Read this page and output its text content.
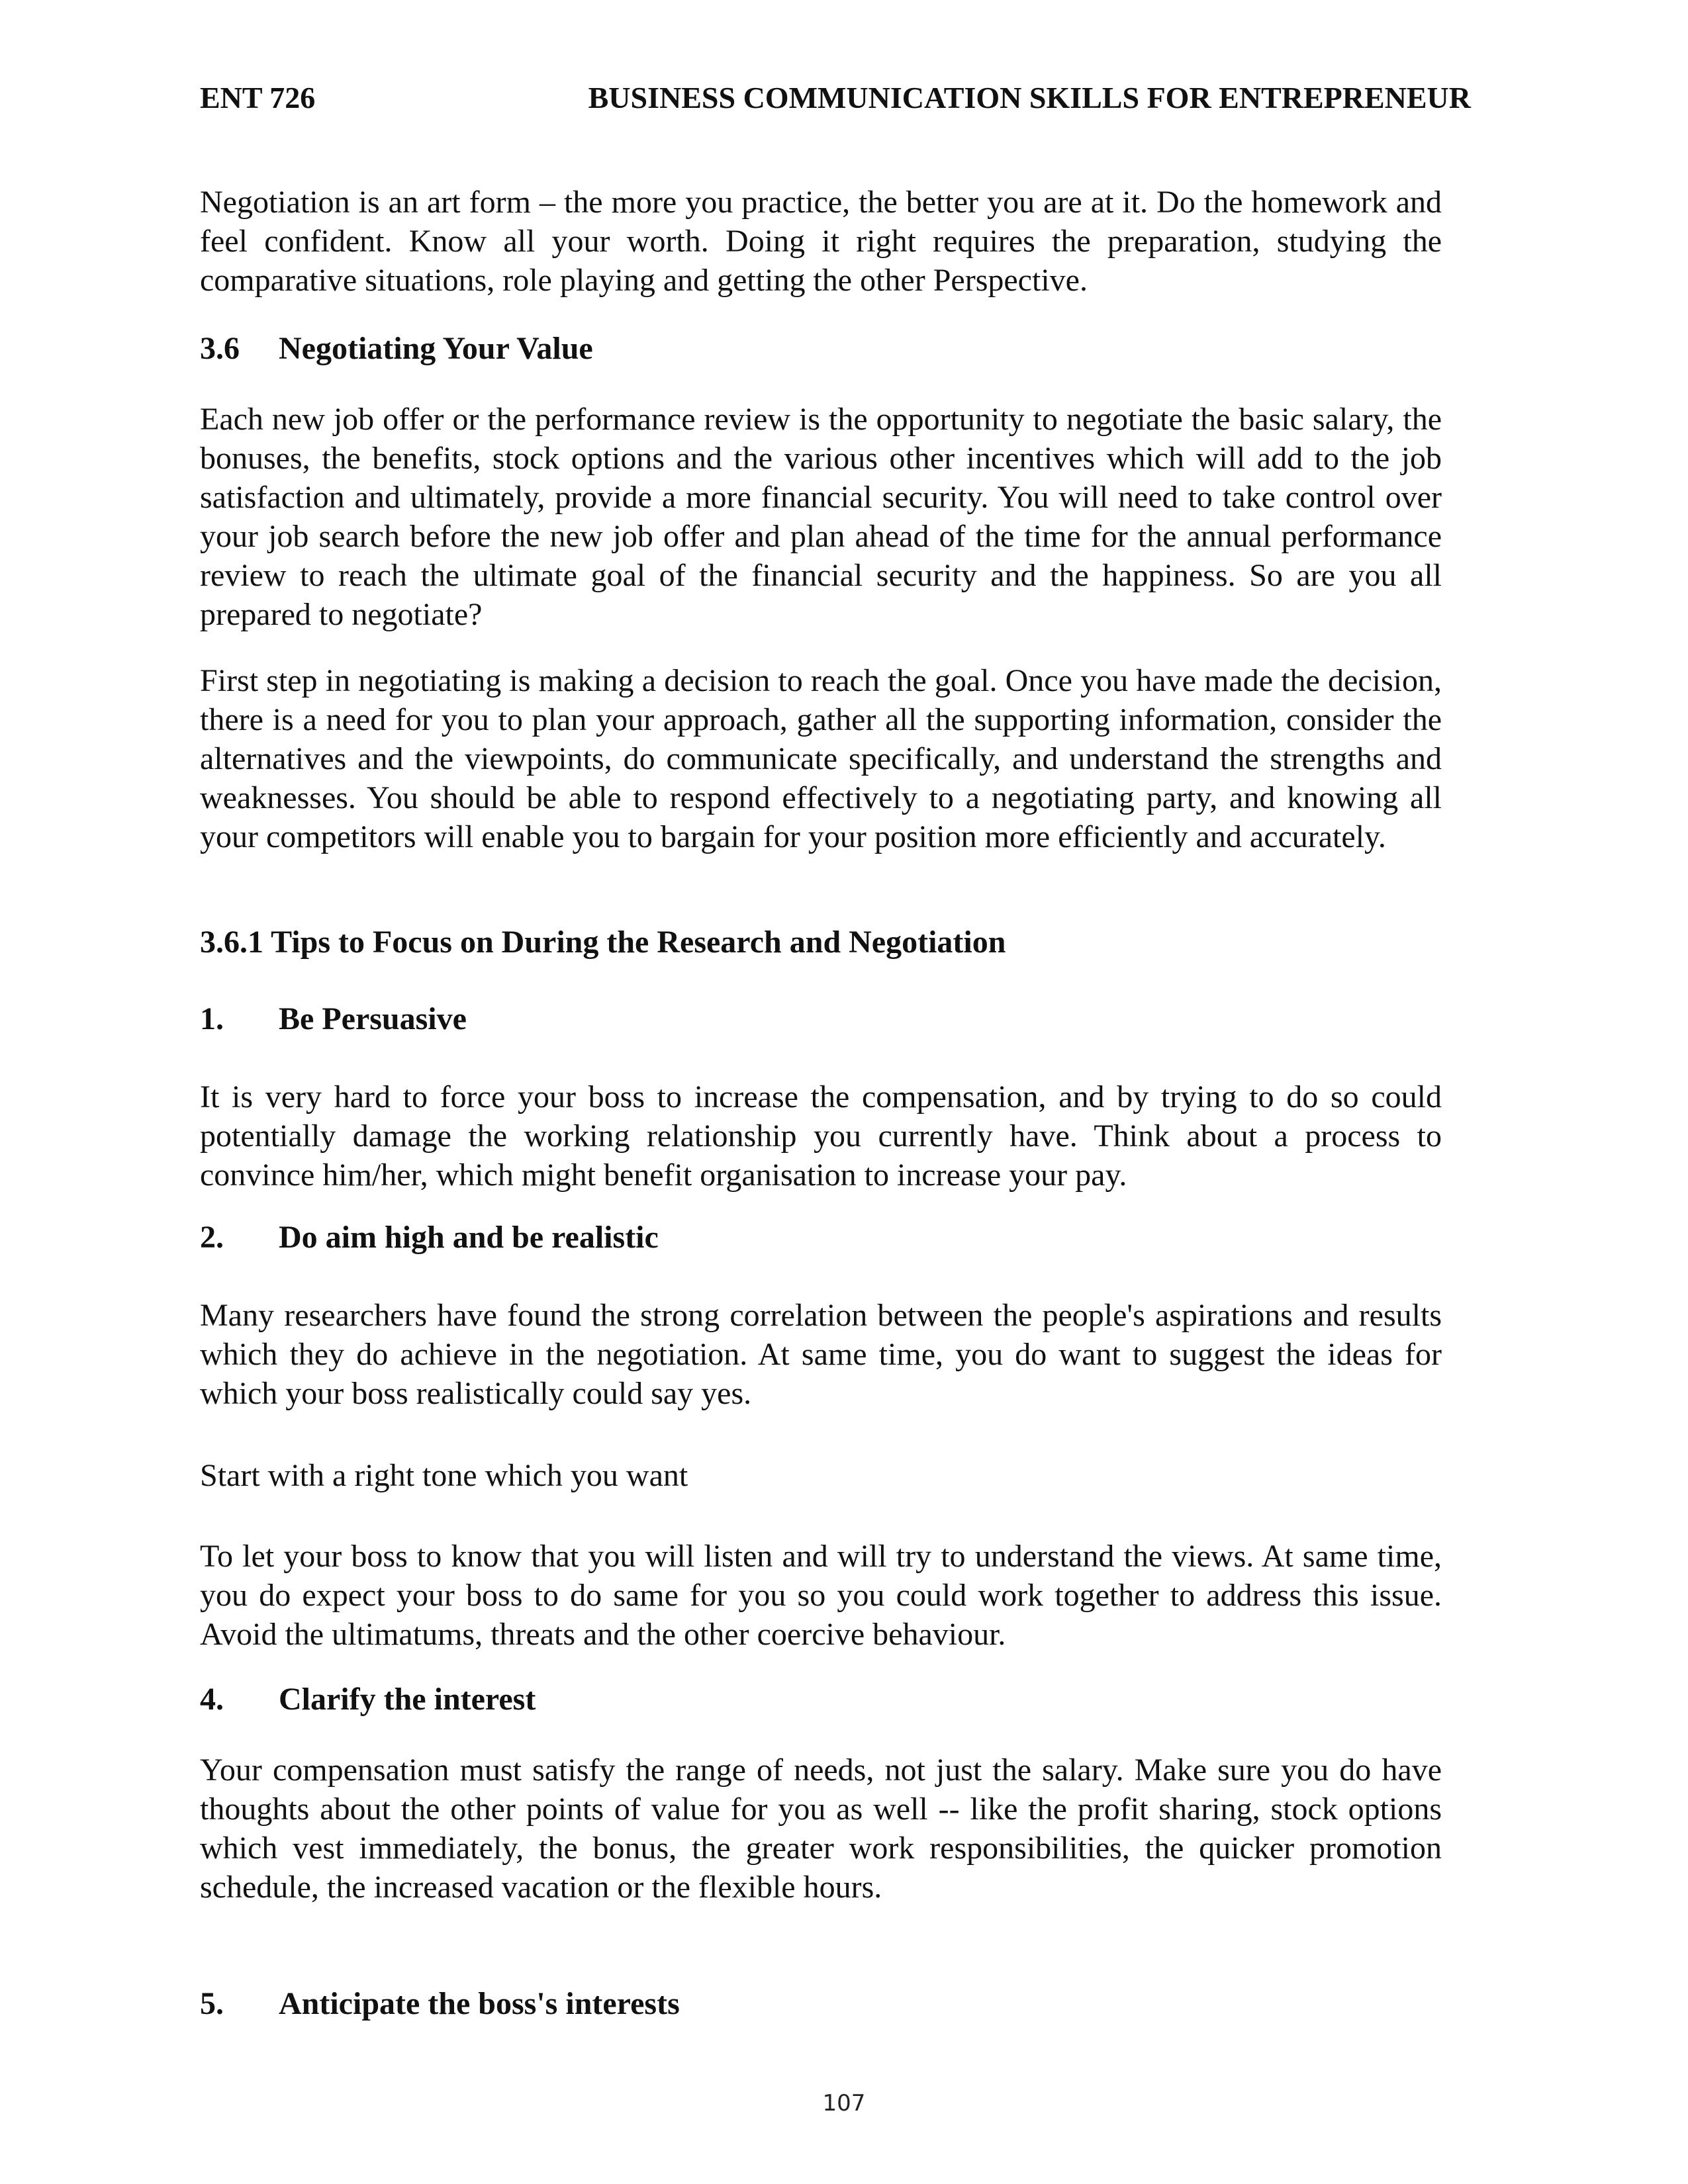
ENT 726	BUSINESS COMMUNICATION SKILLS FOR ENTREPRENEUR

Negotiation is an art form – the more you practice, the better you are at it. Do the homework and feel confident. Know all your worth. Doing it right requires the preparation, studying the comparative situations, role playing and getting the other Perspective.

3.6 Negotiating Your Value

Each new job offer or the performance review is the opportunity to negotiate the basic salary, the bonuses, the benefits, stock options and the various other incentives which will add to the job satisfaction and ultimately, provide a more financial security. You will need to take control over your job search before the new job offer and plan ahead of the time for the annual performance review to reach the ultimate goal of the financial security and the happiness. So are you all prepared to negotiate?

First step in negotiating is making a decision to reach the goal. Once you have made the decision, there is a need for you to plan your approach, gather all the supporting information, consider the alternatives and the viewpoints, do communicate specifically, and understand the strengths and weaknesses. You should be able to respond effectively to a negotiating party, and knowing all your competitors will enable you to bargain for your position more efficiently and accurately.

3.6.1 Tips to Focus on During the Research and Negotiation

1. Be Persuasive

It is very hard to force your boss to increase the compensation, and by trying to do so could potentially damage the working relationship you currently have. Think about a process to convince him/her, which might benefit organisation to increase your pay.

2. Do aim high and be realistic

Many researchers have found the strong correlation between the people's aspirations and results which they do achieve in the negotiation. At same time, you do want to suggest the ideas for which your boss realistically could say yes.

Start with a right tone which you want

To let your boss to know that you will listen and will try to understand the views. At same time, you do expect your boss to do same for you so you could work together to address this issue. Avoid the ultimatums, threats and the other coercive behaviour.

4. Clarify the interest

Your compensation must satisfy the range of needs, not just the salary. Make sure you do have thoughts about the other points of value for you as well -- like the profit sharing, stock options which vest immediately, the bonus, the greater work responsibilities, the quicker promotion schedule, the increased vacation or the flexible hours.

5. Anticipate the boss's interests

107
